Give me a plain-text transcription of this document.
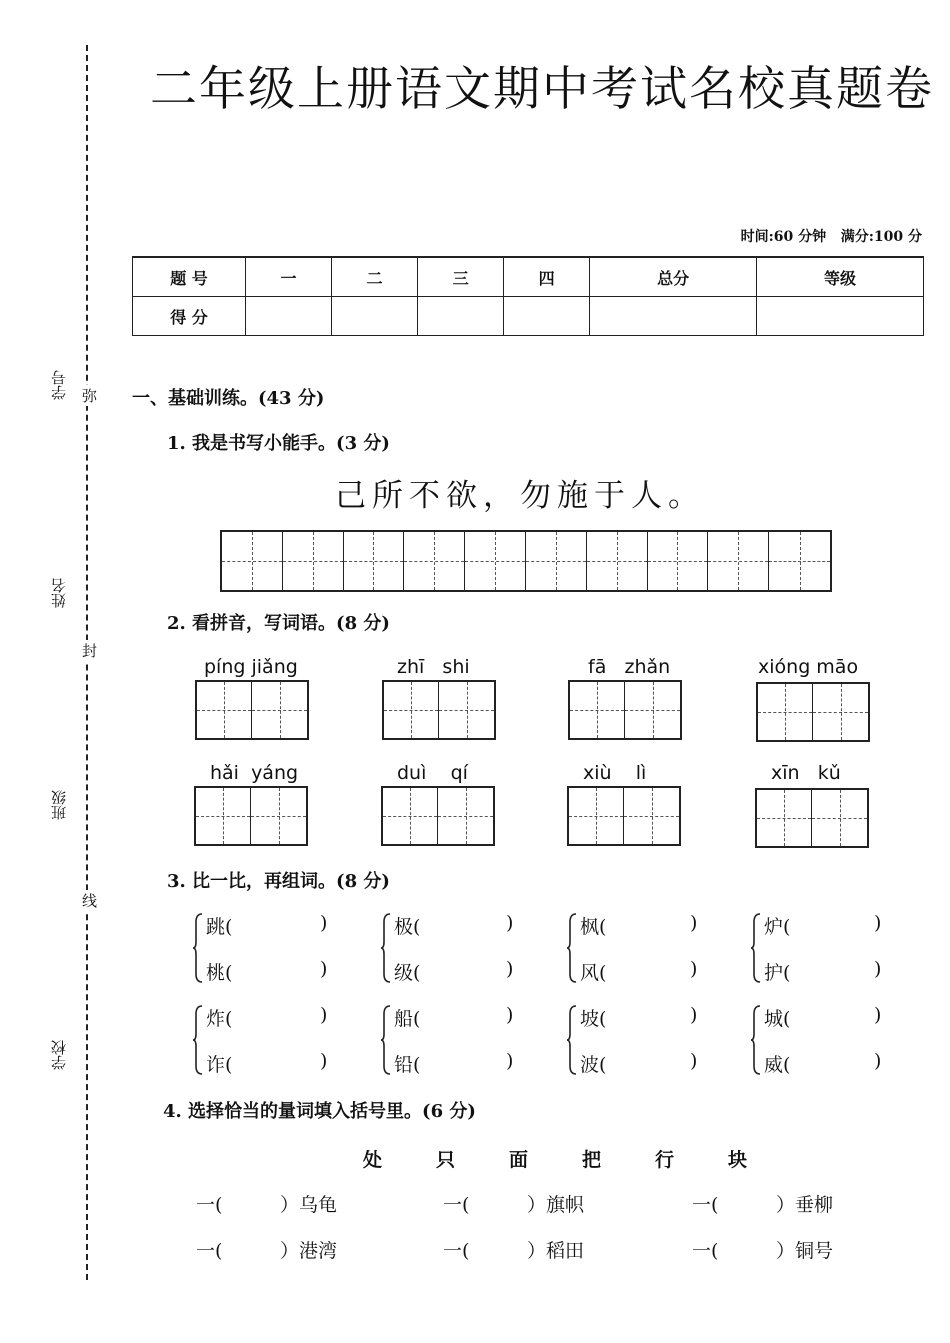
学号
姓名
班级
学校
弥
封
线
二年级上册语文期中考试名校真题卷
时间:60 分钟 满分:100 分
题 号	一	二	三	四	总分	等级
得 分						
一、基础训练。(43 分)
1. 我是书写小能手。(3 分)
己所不欲，勿施于人。
2. 看拼音，写词语。(8 分)
píng jiǎng	zhī shi	fā zhǎn	xióng māo
hǎi yáng	duì qí	xiù lì	xīn kǔ
3. 比一比，再组词。(8 分)
跳(	)
桃(	)
极(	)
级(	)
枫(	)
风(	)
炉(	)
护(	)
炸(	)
诈(	)
船(	)
铅(	)
坡(	)
波(	)
城(	)
威(	)
4. 选择恰当的量词填入括号里。(6 分)
处	只	面	把	行	块
一(	）乌龟	一(	）旗帜	一(	）垂柳
一(	）港湾	一(	）稻田	一(	）铜号
